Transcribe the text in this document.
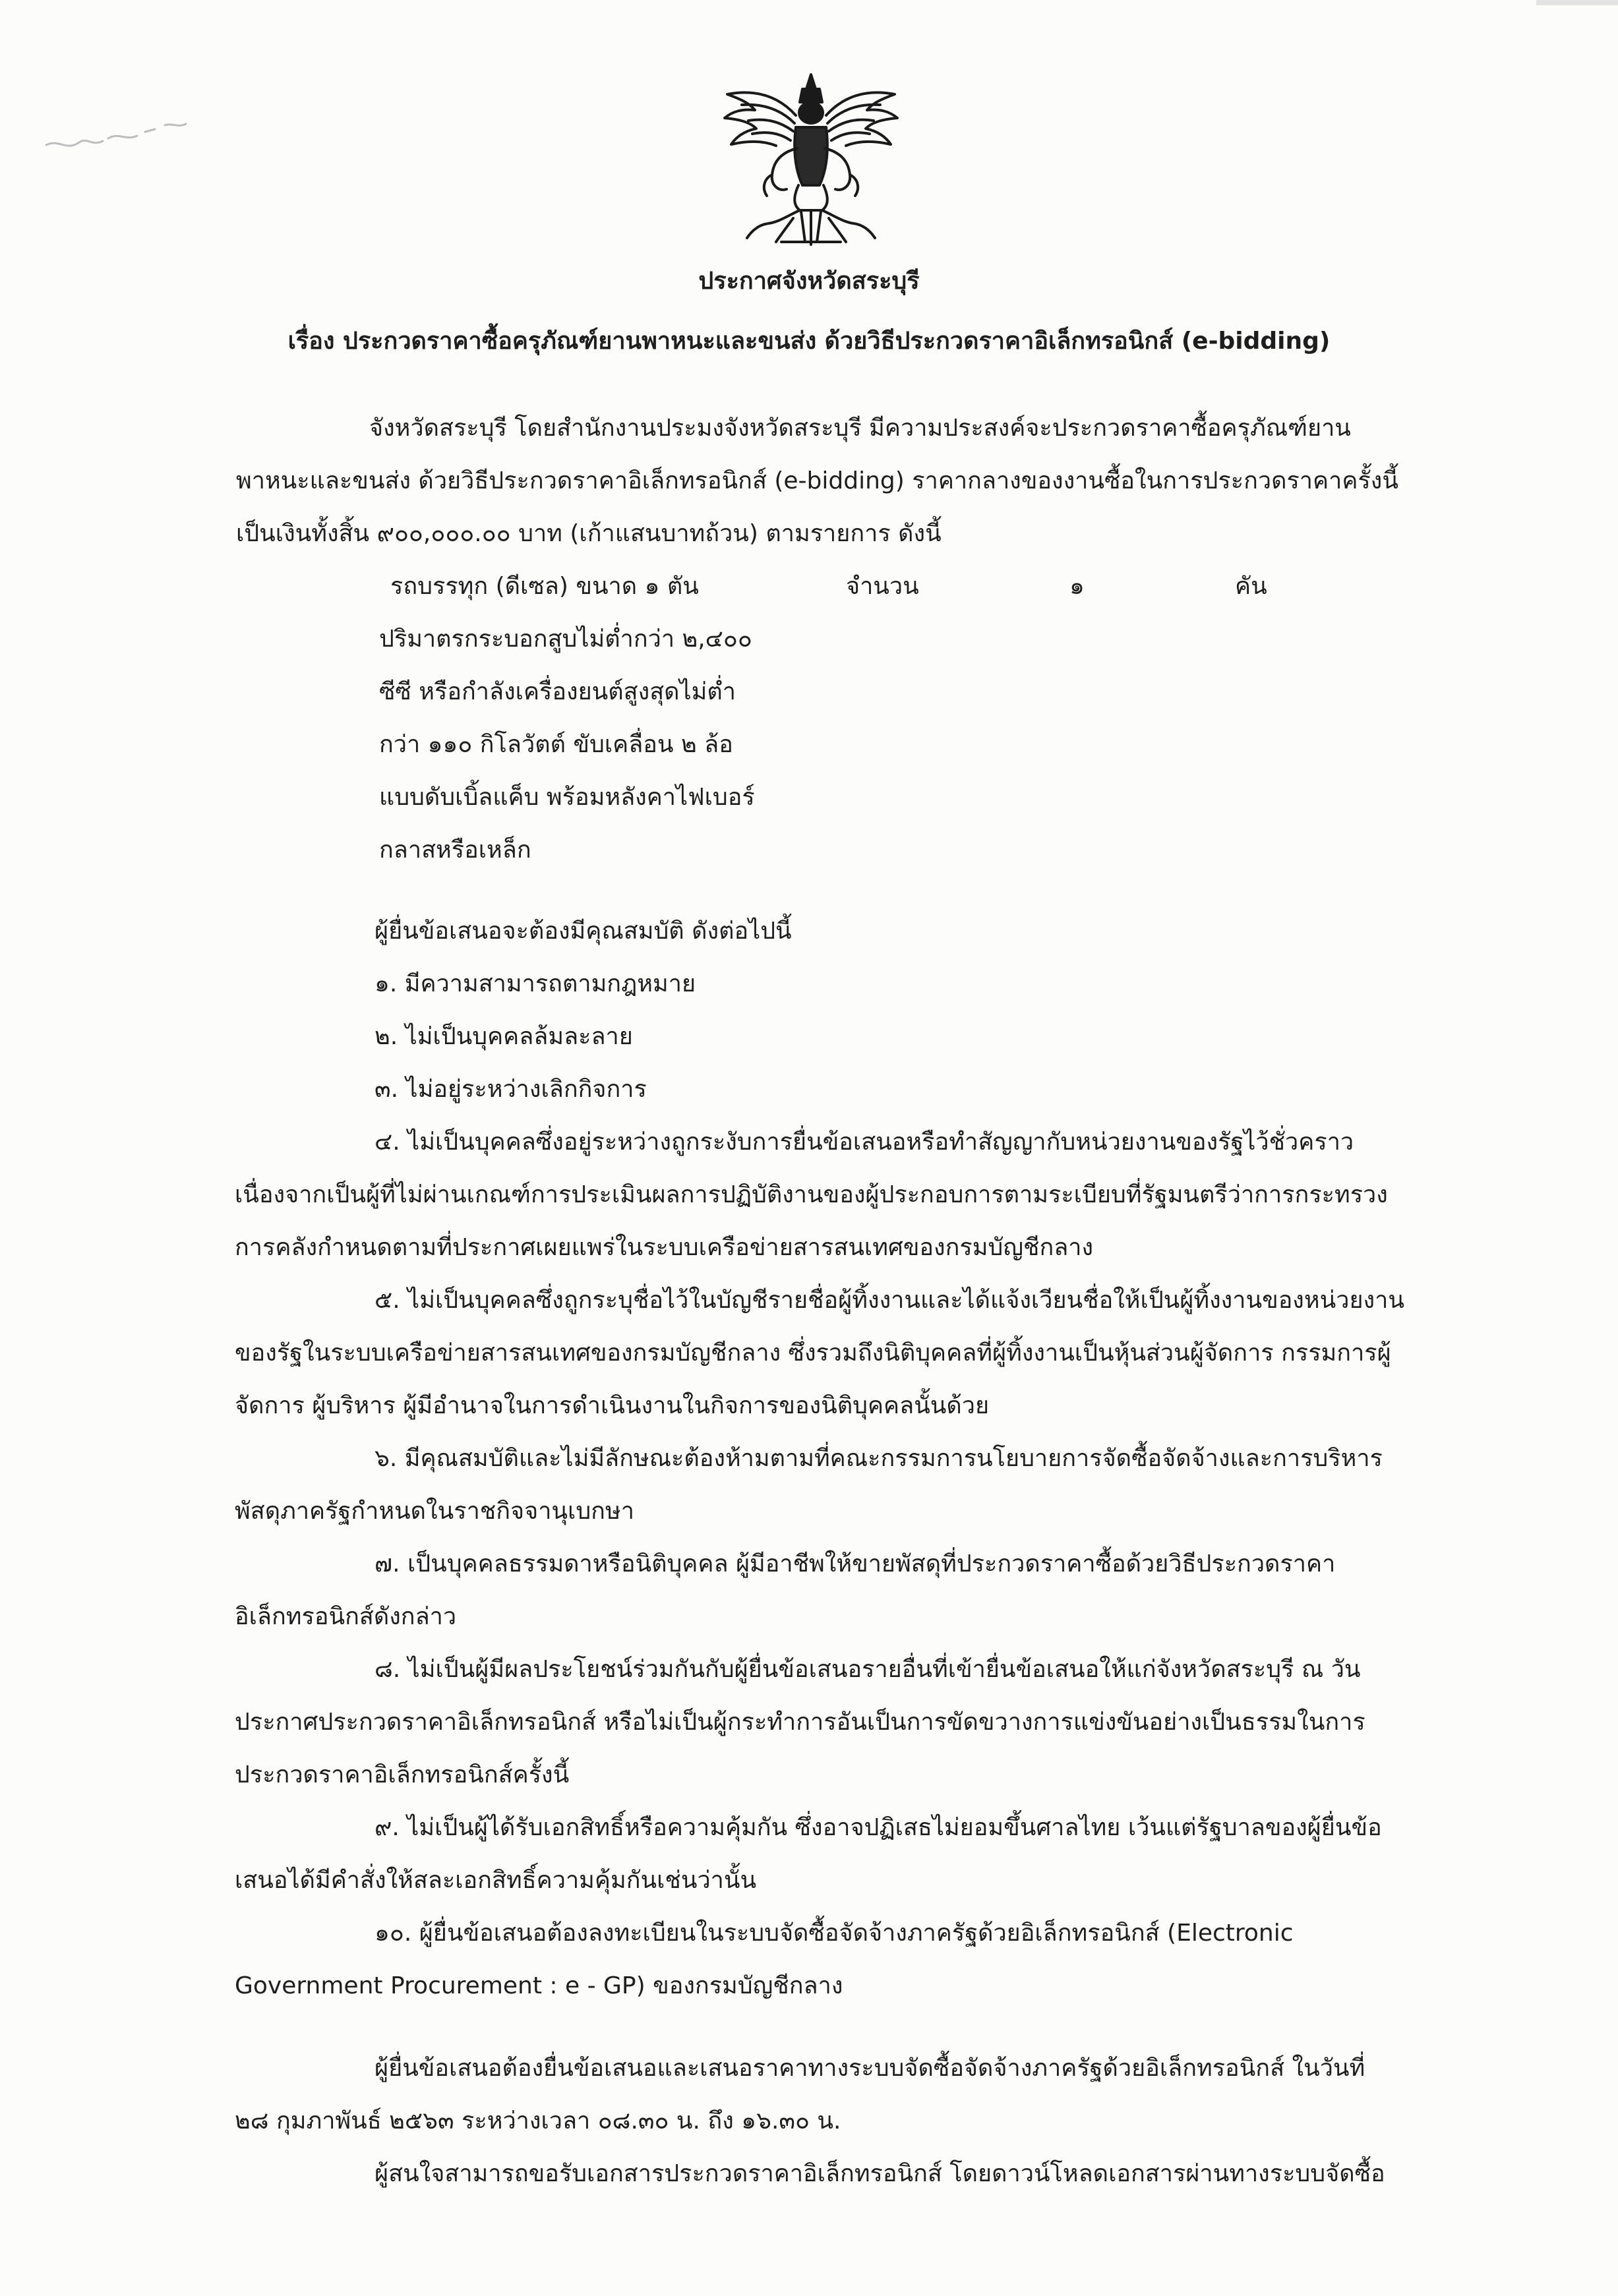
ประกาศจังหวัดสระบุรี
เรื่อง ประกวดราคาซื้อครุภัณฑ์ยานพาหนะและขนส่ง ด้วยวิธีประกวดราคาอิเล็กทรอนิกส์ (e-bidding)
จังหวัดสระบุรี โดยสำนักงานประมงจังหวัดสระบุรี มีความประสงค์จะประกวดราคาซื้อครุภัณฑ์ยาน
พาหนะและขนส่ง ด้วยวิธีประกวดราคาอิเล็กทรอนิกส์ (e-bidding) ราคากลางของงานซื้อในการประกวดราคาครั้งนี้
เป็นเงินทั้งสิ้น ๙๐๐,๐๐๐.๐๐ บาท (เก้าแสนบาทถ้วน) ตามรายการ ดังนี้
รถบรรทุก (ดีเซล) ขนาด ๑ ตัน	จำนวน	๑	คัน
ปริมาตรกระบอกสูบไม่ต่ำกว่า ๒,๔๐๐
ซีซี หรือกำลังเครื่องยนต์สูงสุดไม่ต่ำ
กว่า ๑๑๐ กิโลวัตต์ ขับเคลื่อน ๒ ล้อ
แบบดับเบิ้ลแค็บ พร้อมหลังคาไฟเบอร์
กลาสหรือเหล็ก
ผู้ยื่นข้อเสนอจะต้องมีคุณสมบัติ ดังต่อไปนี้
๑. มีความสามารถตามกฎหมาย
๒. ไม่เป็นบุคคลล้มละลาย
๓. ไม่อยู่ระหว่างเลิกกิจการ
๔. ไม่เป็นบุคคลซึ่งอยู่ระหว่างถูกระงับการยื่นข้อเสนอหรือทำสัญญากับหน่วยงานของรัฐไว้ชั่วคราว
เนื่องจากเป็นผู้ที่ไม่ผ่านเกณฑ์การประเมินผลการปฏิบัติงานของผู้ประกอบการตามระเบียบที่รัฐมนตรีว่าการกระทรวง
การคลังกำหนดตามที่ประกาศเผยแพร่ในระบบเครือข่ายสารสนเทศของกรมบัญชีกลาง
๕. ไม่เป็นบุคคลซึ่งถูกระบุชื่อไว้ในบัญชีรายชื่อผู้ทิ้งงานและได้แจ้งเวียนชื่อให้เป็นผู้ทิ้งงานของหน่วยงาน
ของรัฐในระบบเครือข่ายสารสนเทศของกรมบัญชีกลาง ซึ่งรวมถึงนิติบุคคลที่ผู้ทิ้งงานเป็นหุ้นส่วนผู้จัดการ กรรมการผู้
จัดการ ผู้บริหาร ผู้มีอำนาจในการดำเนินงานในกิจการของนิติบุคคลนั้นด้วย
๖. มีคุณสมบัติและไม่มีลักษณะต้องห้ามตามที่คณะกรรมการนโยบายการจัดซื้อจัดจ้างและการบริหาร
พัสดุภาครัฐกำหนดในราชกิจจานุเบกษา
๗. เป็นบุคคลธรรมดาหรือนิติบุคคล ผู้มีอาชีพให้ขายพัสดุที่ประกวดราคาซื้อด้วยวิธีประกวดราคา
อิเล็กทรอนิกส์ดังกล่าว
๘. ไม่เป็นผู้มีผลประโยชน์ร่วมกันกับผู้ยื่นข้อเสนอรายอื่นที่เข้ายื่นข้อเสนอให้แก่จังหวัดสระบุรี ณ วัน
ประกาศประกวดราคาอิเล็กทรอนิกส์ หรือไม่เป็นผู้กระทำการอันเป็นการขัดขวางการแข่งขันอย่างเป็นธรรมในการ
ประกวดราคาอิเล็กทรอนิกส์ครั้งนี้
๙. ไม่เป็นผู้ได้รับเอกสิทธิ์หรือความคุ้มกัน ซึ่งอาจปฏิเสธไม่ยอมขึ้นศาลไทย เว้นแต่รัฐบาลของผู้ยื่นข้อ
เสนอได้มีคำสั่งให้สละเอกสิทธิ์ความคุ้มกันเช่นว่านั้น
๑๐. ผู้ยื่นข้อเสนอต้องลงทะเบียนในระบบจัดซื้อจัดจ้างภาครัฐด้วยอิเล็กทรอนิกส์ (Electronic
Government Procurement : e - GP) ของกรมบัญชีกลาง
ผู้ยื่นข้อเสนอต้องยื่นข้อเสนอและเสนอราคาทางระบบจัดซื้อจัดจ้างภาครัฐด้วยอิเล็กทรอนิกส์ ในวันที่
๒๘ กุมภาพันธ์ ๒๕๖๓ ระหว่างเวลา ๐๘.๓๐ น. ถึง ๑๖.๓๐ น.
ผู้สนใจสามารถขอรับเอกสารประกวดราคาอิเล็กทรอนิกส์ โดยดาวน์โหลดเอกสารผ่านทางระบบจัดซื้อ
